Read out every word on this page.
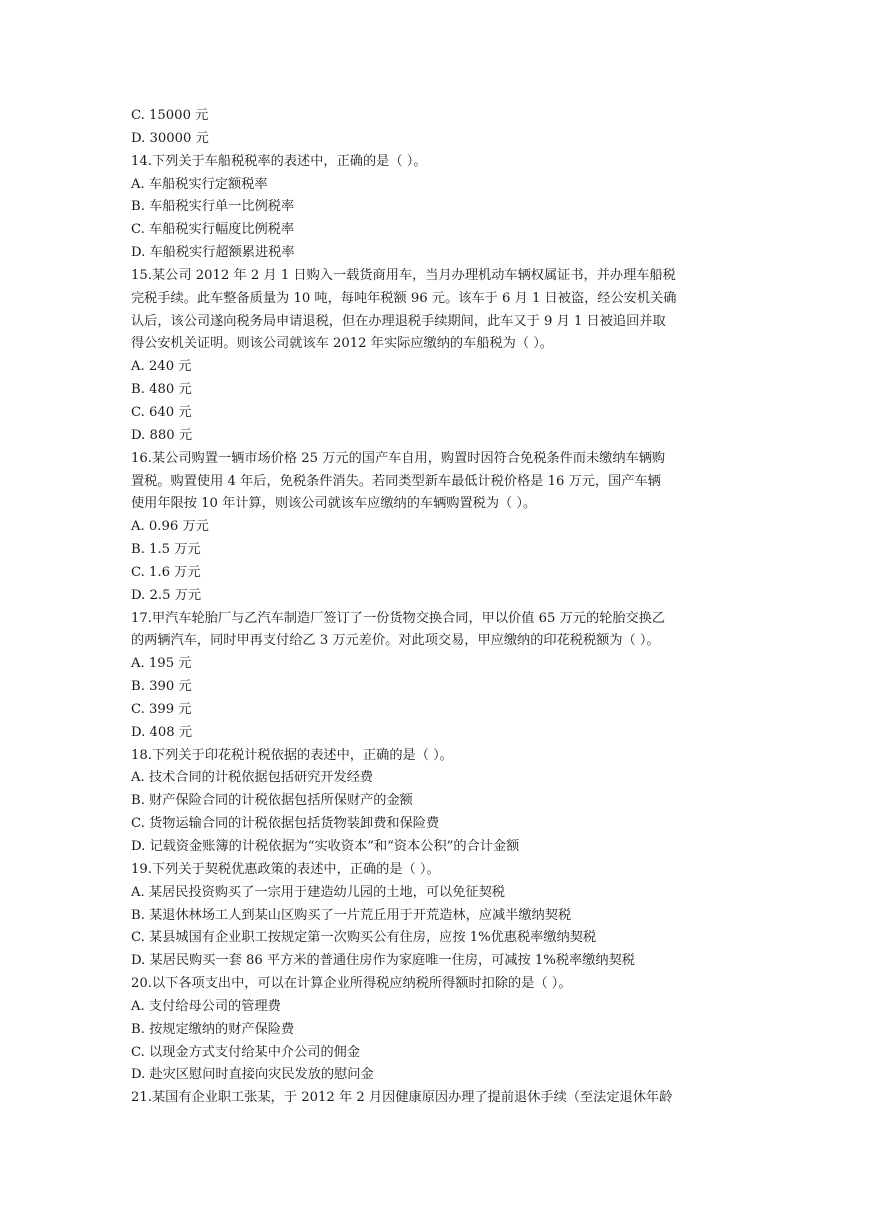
C. 15000 元
D. 30000 元
14.下列关于车船税税率的表述中，正确的是（ ）。
A. 车船税实行定额税率
B. 车船税实行单一比例税率
C. 车船税实行幅度比例税率
D. 车船税实行超额累进税率
15.某公司 2012 年 2 月 1 日购入一载货商用车，当月办理机动车辆权属证书，并办理车船税
完税手续。此车整备质量为 10 吨，每吨年税额 96 元。该车于 6 月 1 日被盗，经公安机关确
认后，该公司遂向税务局申请退税，但在办理退税手续期间，此车又于 9 月 1 日被追回并取
得公安机关证明。则该公司就该车 2012 年实际应缴纳的车船税为（ ）。
A. 240 元
B. 480 元
C. 640 元
D. 880 元
16.某公司购置一辆市场价格 25 万元的国产车自用，购置时因符合免税条件而未缴纳车辆购
置税。购置使用 4 年后，免税条件消失。若同类型新车最低计税价格是 16 万元，国产车辆
使用年限按 10 年计算，则该公司就该车应缴纳的车辆购置税为（ ）。
A. 0.96 万元
B. 1.5 万元
C. 1.6 万元
D. 2.5 万元
17.甲汽车轮胎厂与乙汽车制造厂签订了一份货物交换合同，甲以价值 65 万元的轮胎交换乙
的两辆汽车，同时甲再支付给乙 3 万元差价。对此项交易，甲应缴纳的印花税税额为（ ）。
A. 195 元
B. 390 元
C. 399 元
D. 408 元
18.下列关于印花税计税依据的表述中，正确的是（ ）。
A. 技术合同的计税依据包括研究开发经费
B. 财产保险合同的计税依据包括所保财产的金额
C. 货物运输合同的计税依据包括货物装卸费和保险费
D. 记载资金账簿的计税依据为“实收资本”和“资本公积”的合计金额
19.下列关于契税优惠政策的表述中，正确的是（ ）。
A. 某居民投资购买了一宗用于建造幼儿园的土地，可以免征契税
B. 某退休林场工人到某山区购买了一片荒丘用于开荒造林，应减半缴纳契税
C. 某县城国有企业职工按规定第一次购买公有住房，应按 1%优惠税率缴纳契税
D. 某居民购买一套 86 平方米的普通住房作为家庭唯一住房，可减按 1%税率缴纳契税
20.以下各项支出中，可以在计算企业所得税应纳税所得额时扣除的是（ ）。
A. 支付给母公司的管理费
B. 按规定缴纳的财产保险费
C. 以现金方式支付给某中介公司的佣金
D. 赴灾区慰问时直接向灾民发放的慰问金
21.某国有企业职工张某，于 2012 年 2 月因健康原因办理了提前退休手续（至法定退休年龄
